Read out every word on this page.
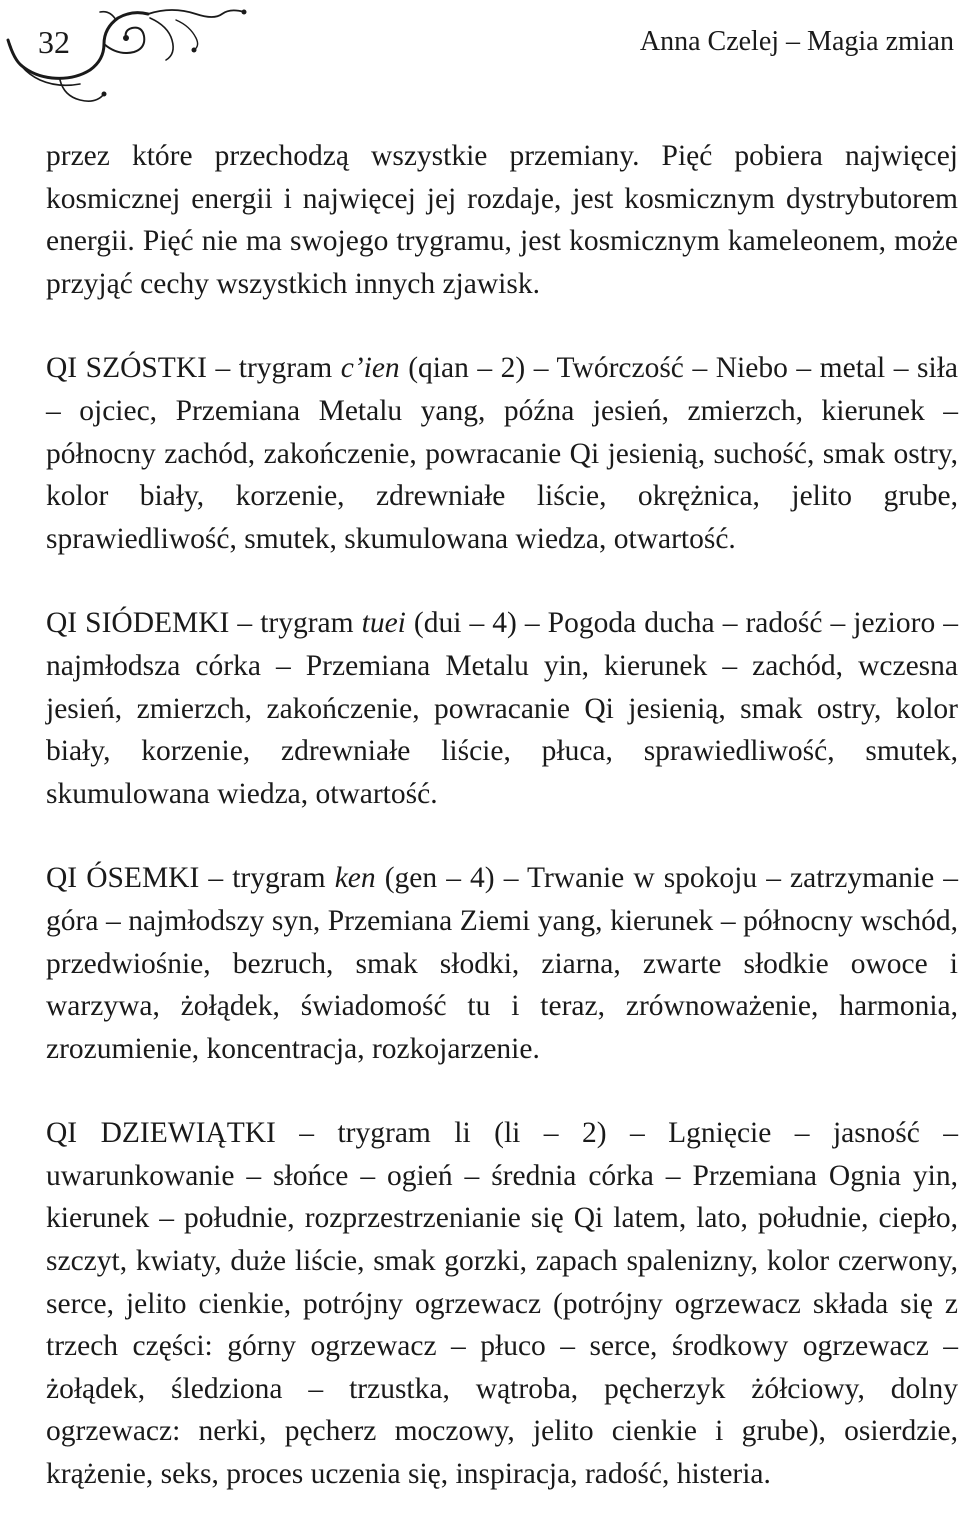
32	Anna Czelej – Magia zmian

przez które przechodzą wszystkie przemiany. Pięć pobiera najwięcej kosmicznej energii i najwięcej jej rozdaje, jest kosmicznym dystrybutorem energii. Pięć nie ma swojego trygramu, jest kosmicznym kameleonem, może przyjąć cechy wszystkich innych zjawisk.

QI SZÓSTKI – trygram c’ien (qian – 2) – Twórczość – Niebo – metal – siła – ojciec, Przemiana Metalu yang, późna jesień, zmierzch, kierunek – północny zachód, zakończenie, powracanie Qi jesienią, suchość, smak ostry, kolor biały, korzenie, zdrewniałe liście, okrężnica, jelito grube, sprawiedliwość, smutek, skumulowana wiedza, otwartość.

QI SIÓDEMKI – trygram tuei (dui – 4) – Pogoda ducha – radość – jezioro – najmłodsza córka – Przemiana Metalu yin, kierunek – zachód, wczesna jesień, zmierzch, zakończenie, powracanie Qi jesienią, smak ostry, kolor biały, korzenie, zdrewniałe liście, płuca, sprawiedliwość, smutek, skumulowana wiedza, otwartość.

QI ÓSEMKI – trygram ken (gen – 4) – Trwanie w spokoju – zatrzymanie – góra – najmłodszy syn, Przemiana Ziemi yang, kierunek – północny wschód, przedwiośnie, bezruch, smak słodki, ziarna, zwarte słodkie owoce i warzywa, żołądek, świadomość tu i teraz, zrównoważenie, harmonia, zrozumienie, koncentracja, rozkojarzenie.

QI DZIEWIĄTKI – trygram li (li – 2) – Lgnięcie – jasność – uwarunkowanie – słońce – ogień – średnia córka – Przemiana Ognia yin, kierunek – południe, rozprzestrzenianie się Qi latem, lato, południe, ciepło, szczyt, kwiaty, duże liście, smak gorzki, zapach spalenizny, kolor czerwony, serce, jelito cienkie, potrójny ogrzewacz (potrójny ogrzewacz składa się z trzech części: górny ogrzewacz – płuco – serce, środkowy ogrzewacz – żołądek, śledziona – trzustka, wątroba, pęcherzyk żółciowy, dolny ogrzewacz: nerki, pęcherz moczowy, jelito cienkie i grube), osierdzie, krążenie, seks, proces uczenia się, inspiracja, radość, histeria.
